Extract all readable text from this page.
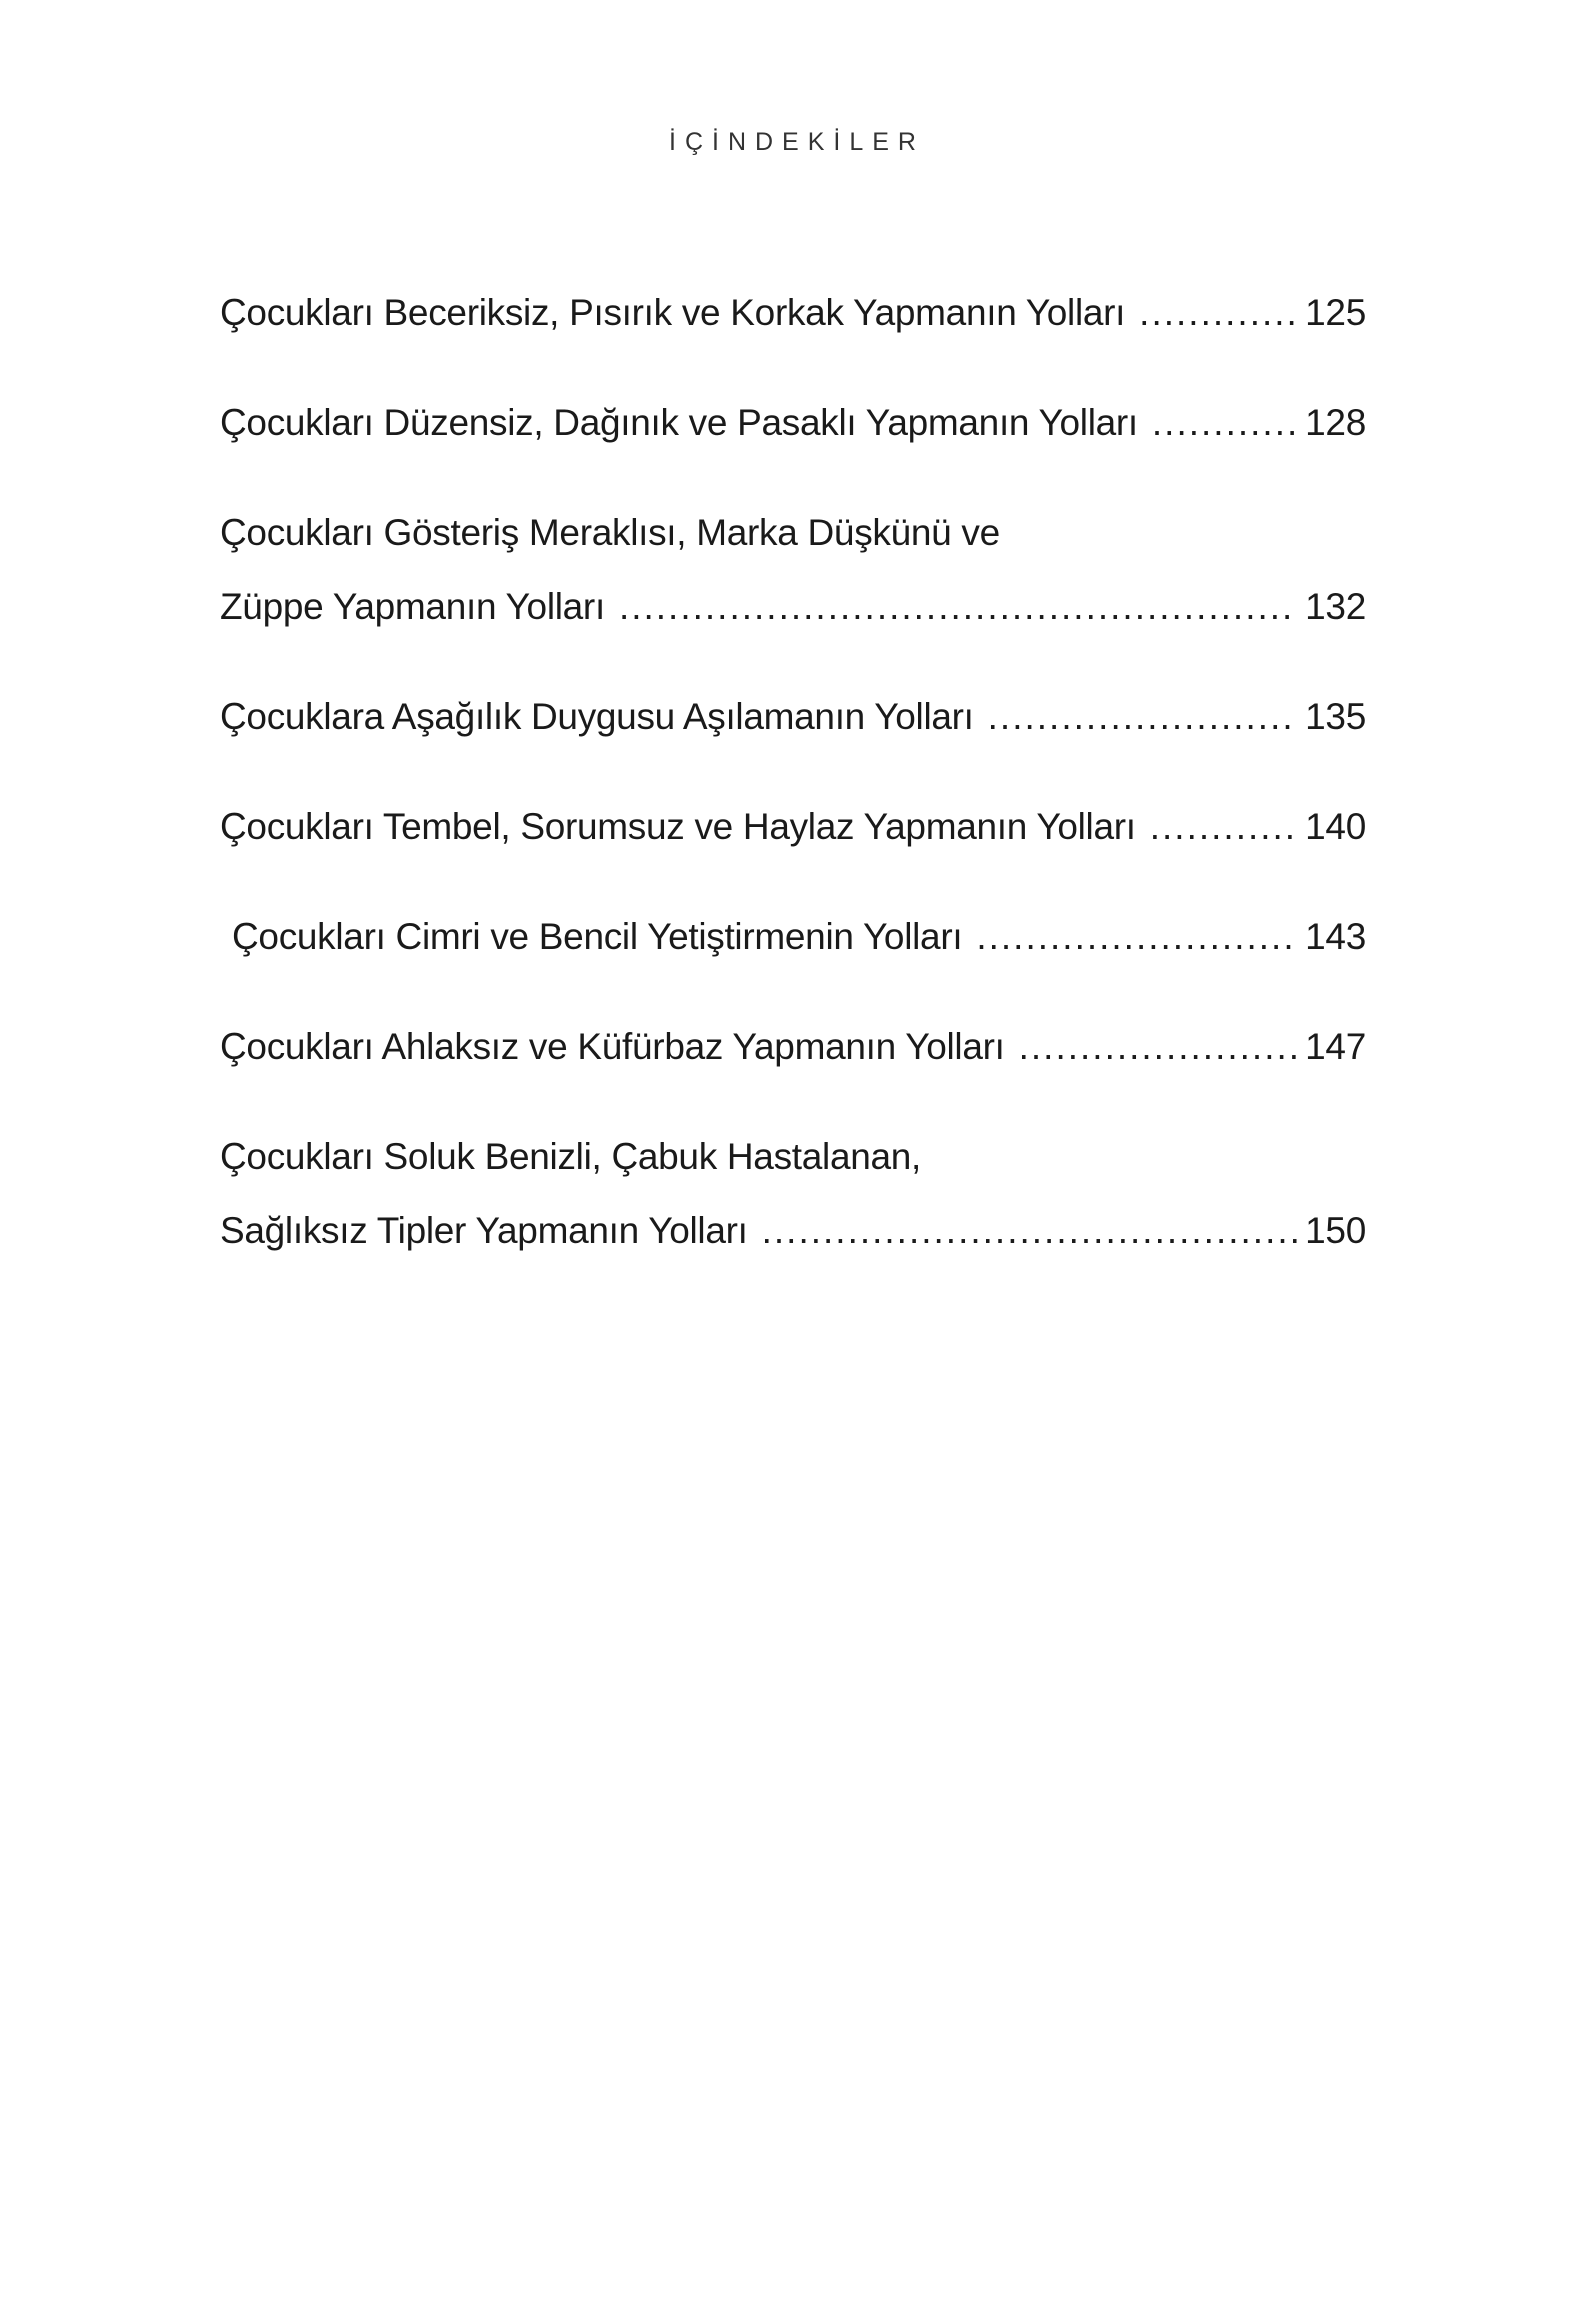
İÇİNDEKİLER
Çocukları Beceriksiz, Pısırık ve Korkak Yapmanın Yolları .....	125
Çocukları Düzensiz, Dağınık ve Pasaklı Yapmanın Yolları .....	128
Çocukları Gösteriş Meraklısı, Marka Düşkünü ve
Züppe Yapmanın Yolları .....	132
Çocuklara Aşağılık Duygusu Aşılamanın Yolları .....	135
Çocukları Tembel, Sorumsuz ve Haylaz Yapmanın Yolları .....	140
Çocukları Cimri ve Bencil Yetiştirmenin Yolları .....	143
Çocukları Ahlaksız ve Küfürbaz Yapmanın Yolları .....	147
Çocukları Soluk Benizli, Çabuk Hastalanan,
Sağlıksız Tipler Yapmanın Yolları .....	150
